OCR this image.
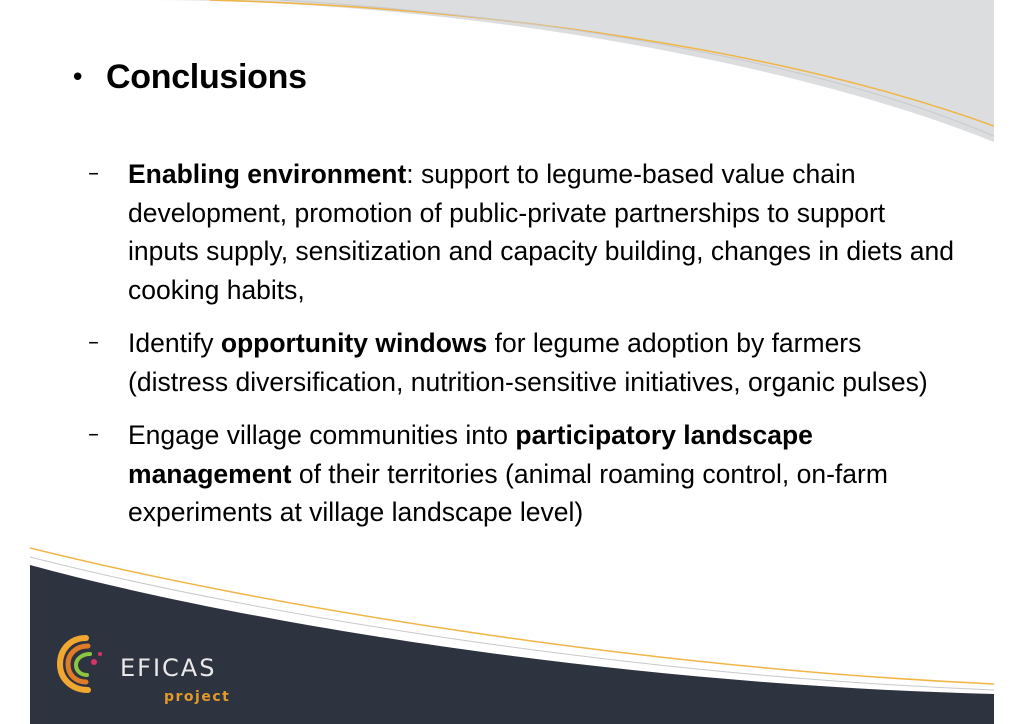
• Conclusions
– Enabling environment: support to legume-based value chain development, promotion of public-private partnerships to support inputs supply, sensitization and capacity building, changes in diets and cooking habits,
– Identify opportunity windows for legume adoption by farmers (distress diversification, nutrition-sensitive initiatives, organic pulses)
– Engage village communities into participatory landscape management of their territories (animal roaming control, on-farm experiments at village landscape level)
EFICAS
project
